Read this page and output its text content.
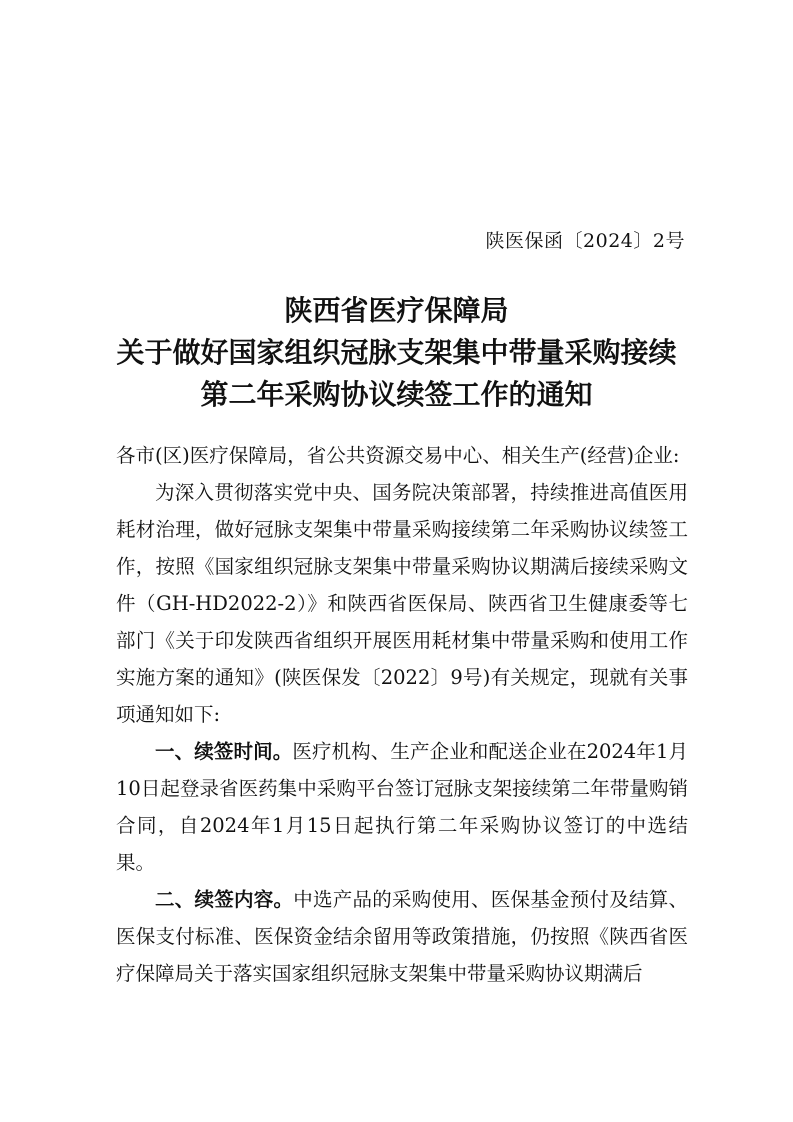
陕医保函〔2024〕2号
陕西省医疗保障局
关于做好国家组织冠脉支架集中带量采购接续
第二年采购协议续签工作的通知

各市(区)医疗保障局，省公共资源交易中心、相关生产(经营)企业:

为深入贯彻落实党中央、国务院决策部署，持续推进高值医用耗材治理，做好冠脉支架集中带量采购接续第二年采购协议续签工作，按照《国家组织冠脉支架集中带量采购协议期满后接续采购文件（GH-HD2022-2）》和陕西省医保局、陕西省卫生健康委等七部门《关于印发陕西省组织开展医用耗材集中带量采购和使用工作实施方案的通知》(陕医保发〔2022〕9号)有关规定，现就有关事项通知如下:

一、续签时间。医疗机构、生产企业和配送企业在2024年1月10日起登录省医药集中采购平台签订冠脉支架接续第二年带量购销合同，自2024年1月15日起执行第二年采购协议签订的中选结果。

二、续签内容。中选产品的采购使用、医保基金预付及结算、医保支付标准、医保资金结余留用等政策措施，仍按照《陕西省医疗保障局关于落实国家组织冠脉支架集中带量采购协议期满后
